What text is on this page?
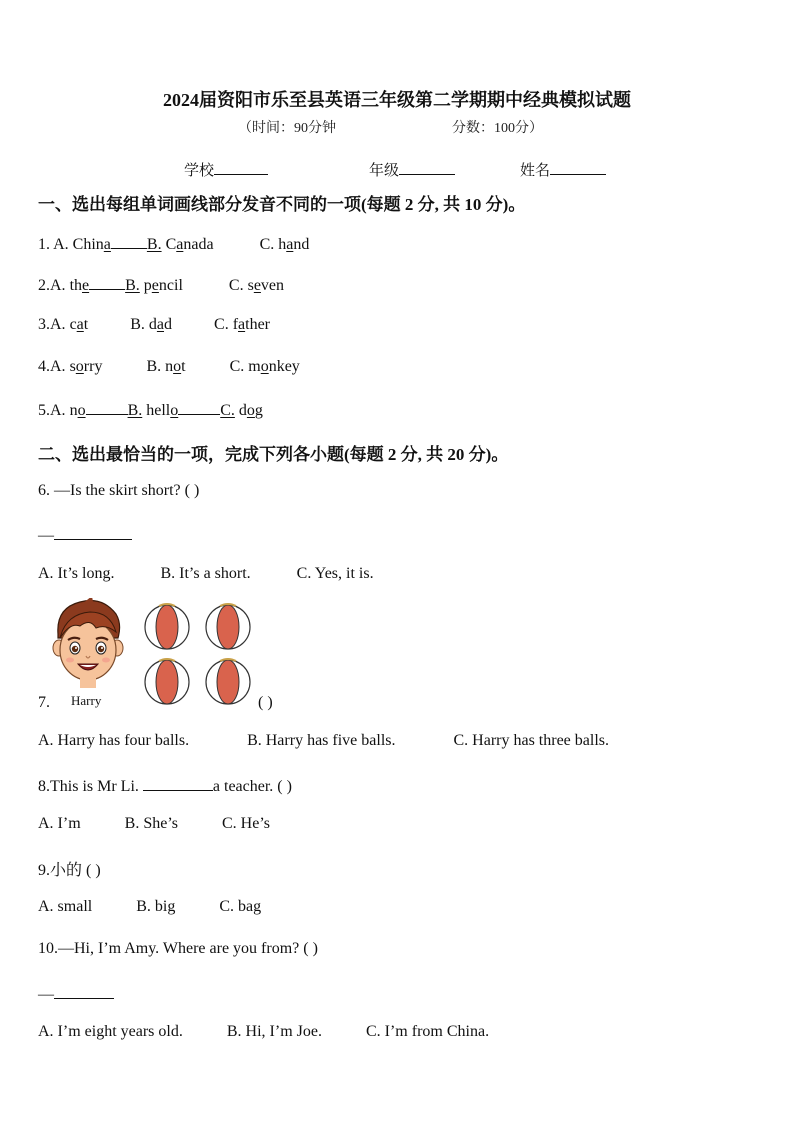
2024届资阳市乐至县英语三年级第二学期期中经典模拟试题
（时间：90分钟	分数：100分）
学校	年级	姓名
一、选出每组单词画线部分发音不同的一项(每题 2 分, 共 10 分)。
1. A. China B. Canada	C. hand
2.A. the B. pencil	C. seven
3.A. cat	B. dad	C. father
4.A. sorry	B. not	C. monkey
5.A. no	B. hello	C. dog
二、选出最恰当的一项，完成下列各小题(每题 2 分, 共 20 分)。
6. —Is the skirt short? ( )
—
A. It’s long.	B. It’s a short.	C. Yes, it is.
Harry
7.	( )
A. Harry has four balls.	B. Harry has five balls.	C. Harry has three balls.
8.This is Mr Li.	a teacher. ( )
A. I’m	B. She’s	C. He’s
9.小的 ( )
A. small	B. big	C. bag
10.—Hi, I’m Amy. Where are you from? ( )
—
A. I’m eight years old.	B. Hi, I’m Joe.	C. I’m from China.
